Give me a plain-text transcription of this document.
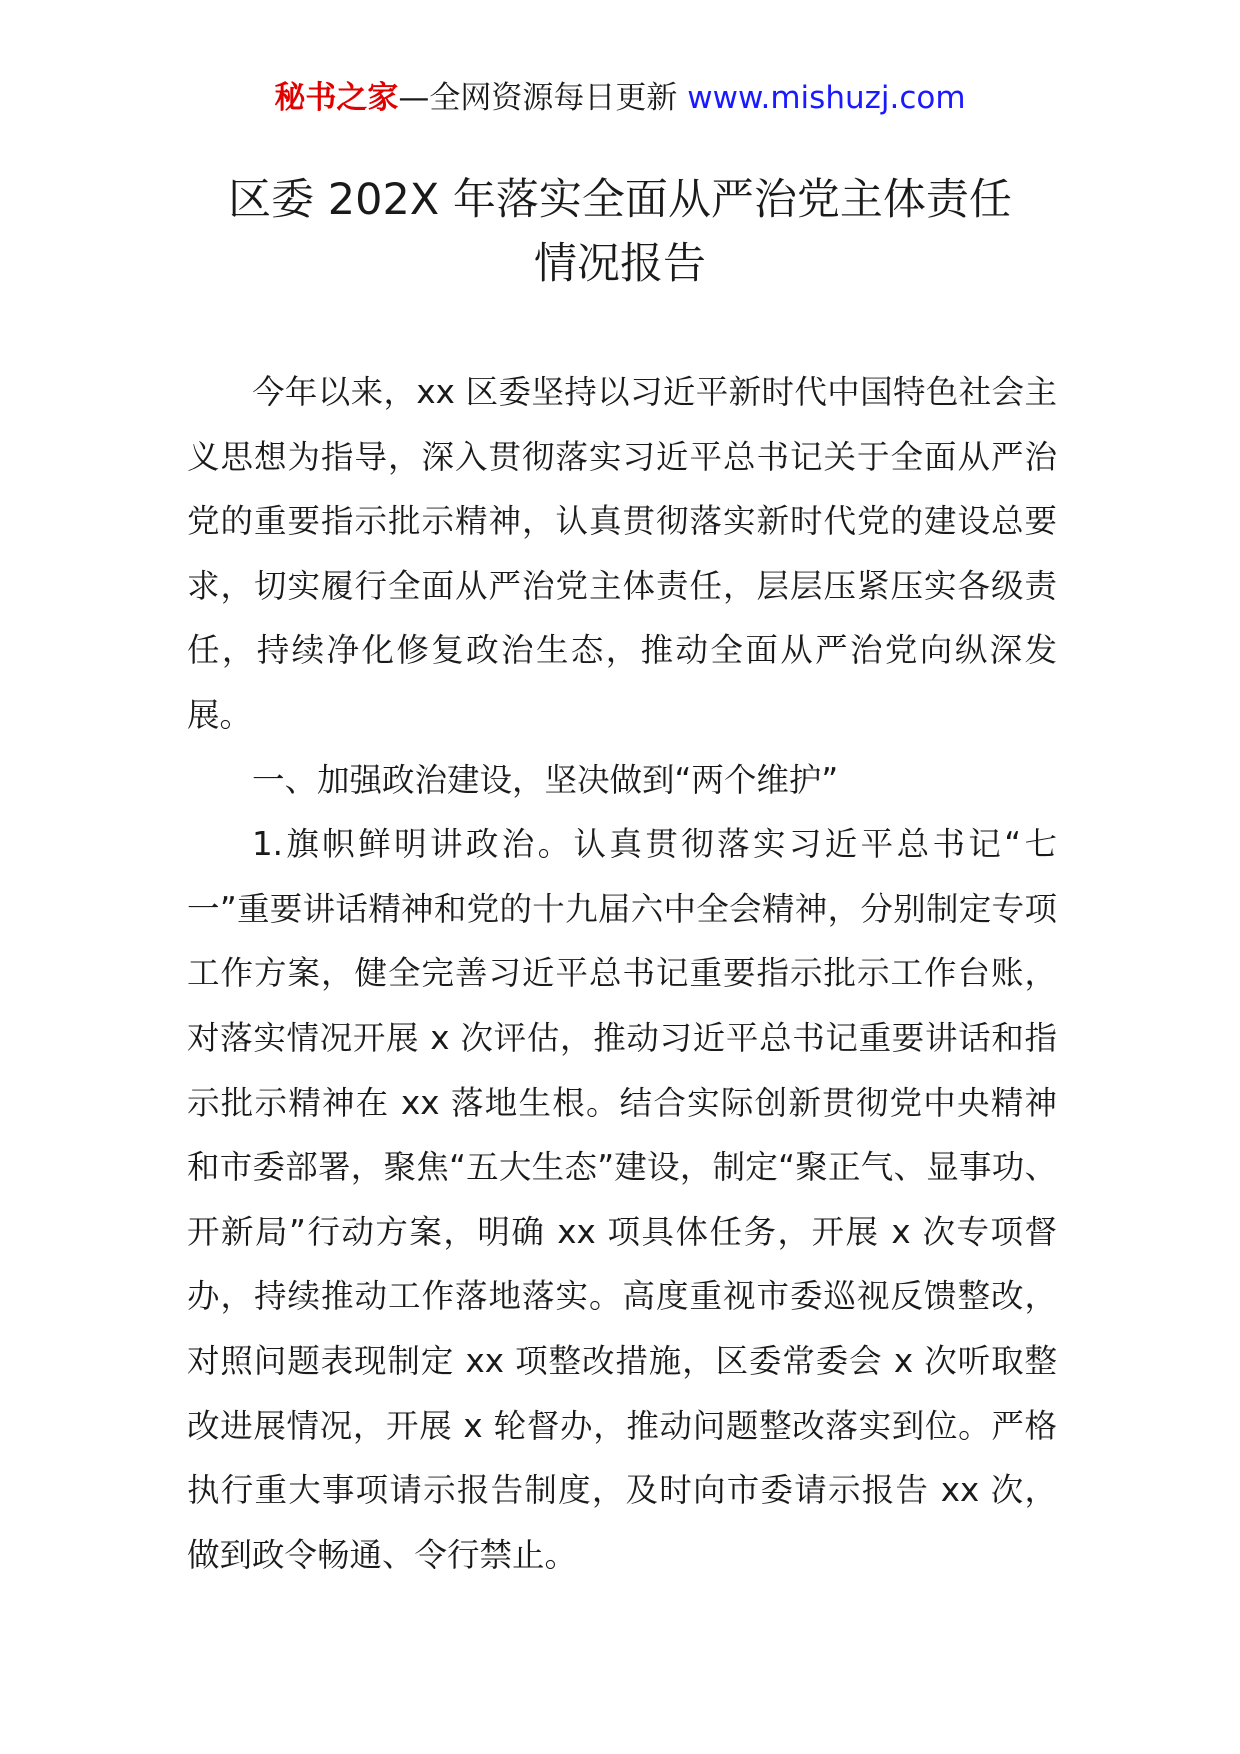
秘书之家—全网资源每日更新 www.mishuzj.com
区委 202X 年落实全面从严治党主体责任
情况报告

今年以来，xx 区委坚持以习近平新时代中国特色社会主义思想为指导，深入贯彻落实习近平总书记关于全面从严治党的重要指示批示精神，认真贯彻落实新时代党的建设总要求，切实履行全面从严治党主体责任，层层压紧压实各级责任，持续净化修复政治生态，推动全面从严治党向纵深发展。

一、加强政治建设，坚决做到“两个维护”

1.旗帜鲜明讲政治。认真贯彻落实习近平总书记“七一”重要讲话精神和党的十九届六中全会精神，分别制定专项工作方案，健全完善习近平总书记重要指示批示工作台账，对落实情况开展 x 次评估，推动习近平总书记重要讲话和指示批示精神在 xx 落地生根。结合实际创新贯彻党中央精神和市委部署，聚焦“五大生态”建设，制定“聚正气、显事功、开新局”行动方案，明确 xx 项具体任务，开展 x 次专项督办，持续推动工作落地落实。高度重视市委巡视反馈整改，对照问题表现制定 xx 项整改措施，区委常委会 x 次听取整改进展情况，开展 x 轮督办，推动问题整改落实到位。严格执行重大事项请示报告制度，及时向市委请示报告 xx 次，做到政令畅通、令行禁止。
